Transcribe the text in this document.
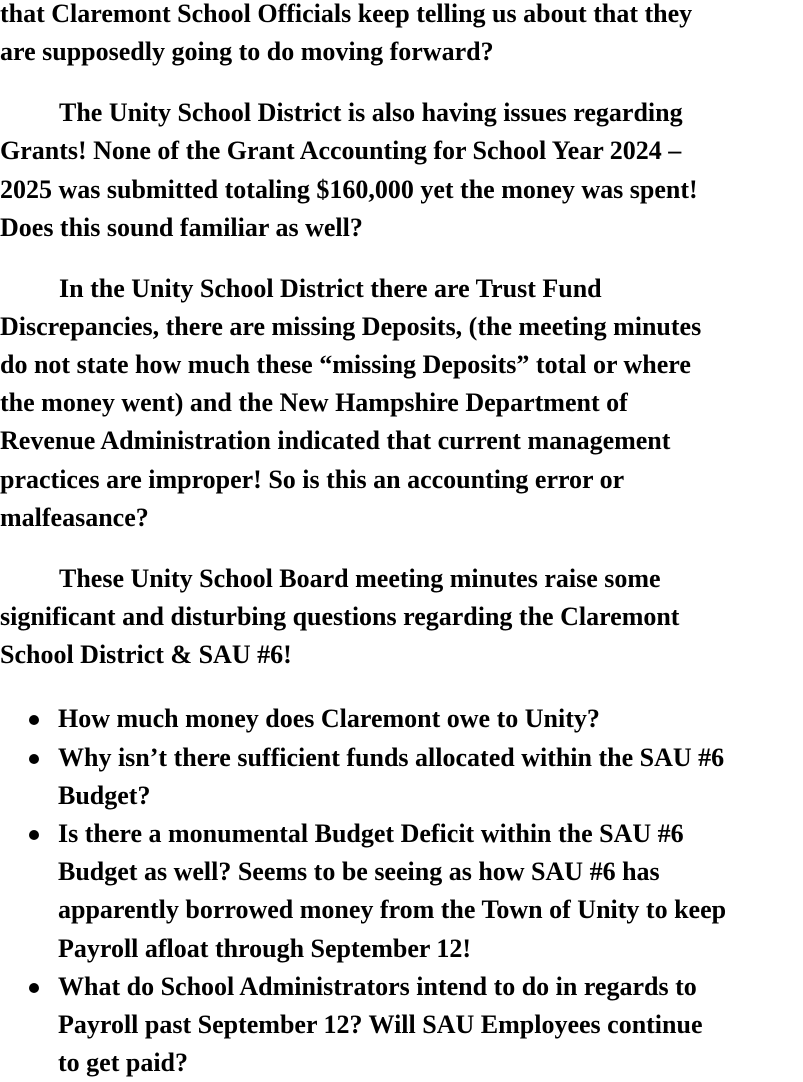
that Claremont School Officials keep telling us about that they
are supposedly going to do moving forward?
The Unity School District is also having issues regarding
Grants! None of the Grant Accounting for School Year 2024 –
2025 was submitted totaling $160,000 yet the money was spent!
Does this sound familiar as well?
In the Unity School District there are Trust Fund
Discrepancies, there are missing Deposits, (the meeting minutes
do not state how much these “missing Deposits” total or where
the money went) and the New Hampshire Department of
Revenue Administration indicated that current management
practices are improper! So is this an accounting error or
malfeasance?
These Unity School Board meeting minutes raise some
significant and disturbing questions regarding the Claremont
School District & SAU #6!
How much money does Claremont owe to Unity?
Why isn’t there sufficient funds allocated within the SAU #6
Budget?
Is there a monumental Budget Deficit within the SAU #6
Budget as well? Seems to be seeing as how SAU #6 has
apparently borrowed money from the Town of Unity to keep
Payroll afloat through September 12!
What do School Administrators intend to do in regards to
Payroll past September 12? Will SAU Employees continue
to get paid?
